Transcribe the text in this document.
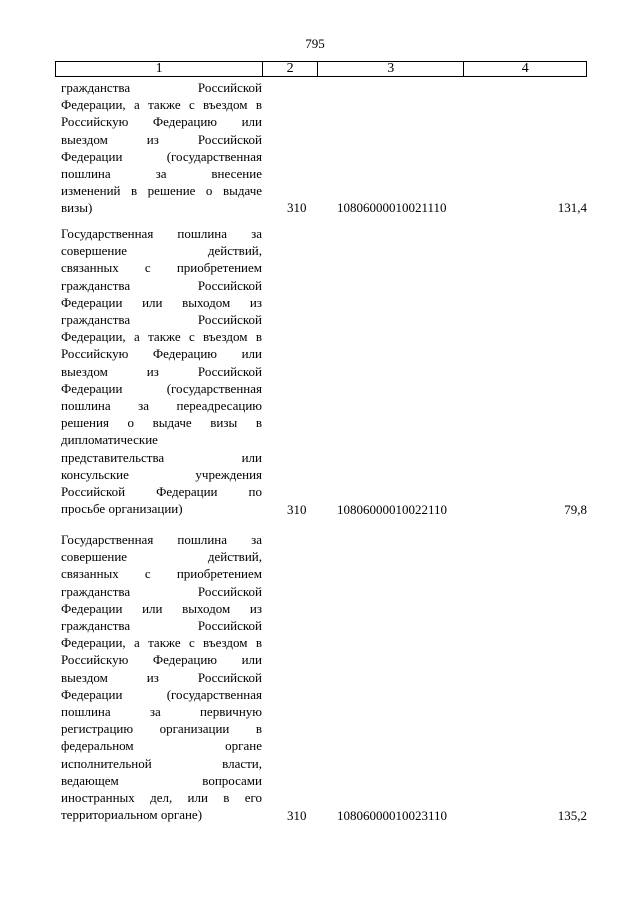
795
1	2	3	4
гражданства Российской
Федерации, а также с въездом в
Российскую Федерацию или
выездом из Российской
Федерации (государственная
пошлина за внесение
изменений в решение о выдаче
визы)	310	10806000010021110	131,4
Государственная пошлина за
совершение действий,
связанных с приобретением
гражданства Российской
Федерации или выходом из
гражданства Российской
Федерации, а также с въездом в
Российскую Федерацию или
выездом из Российской
Федерации (государственная
пошлина за переадресацию
решения о выдаче визы в
дипломатические
представительства или
консульские учреждения
Российской Федерации по
просьбе организации)	310	10806000010022110	79,8
Государственная пошлина за
совершение действий,
связанных с приобретением
гражданства Российской
Федерации или выходом из
гражданства Российской
Федерации, а также с въездом в
Российскую Федерацию или
выездом из Российской
Федерации (государственная
пошлина за первичную
регистрацию организации в
федеральном органе
исполнительной власти,
ведающем вопросами
иностранных дел, или в его
территориальном органе)	310	10806000010023110	135,2
